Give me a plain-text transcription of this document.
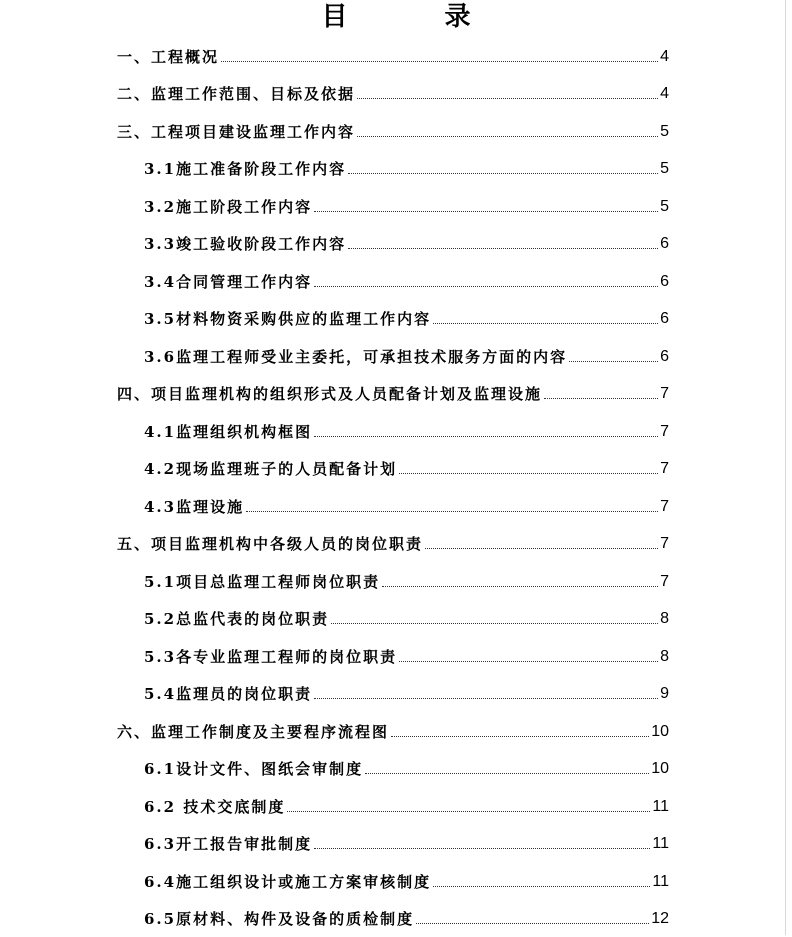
目 录
一、工程概况	4
二、监理工作范围、目标及依据	4
三、工程项目建设监理工作内容	5
3.1施工准备阶段工作内容	5
3.2施工阶段工作内容	5
3.3竣工验收阶段工作内容	6
3.4合同管理工作内容	6
3.5材料物资采购供应的监理工作内容	6
3.6监理工程师受业主委托，可承担技术服务方面的内容	6
四、项目监理机构的组织形式及人员配备计划及监理设施	7
4.1监理组织机构框图	7
4.2现场监理班子的人员配备计划	7
4.3监理设施	7
五、项目监理机构中各级人员的岗位职责	7
5.1项目总监理工程师岗位职责	7
5.2总监代表的岗位职责	8
5.3各专业监理工程师的岗位职责	8
5.4监理员的岗位职责	9
六、监理工作制度及主要程序流程图	10
6.1设计文件、图纸会审制度	10
6.2 技术交底制度	11
6.3开工报告审批制度	11
6.4施工组织设计或施工方案审核制度	11
6.5原材料、构件及设备的质检制度	12
